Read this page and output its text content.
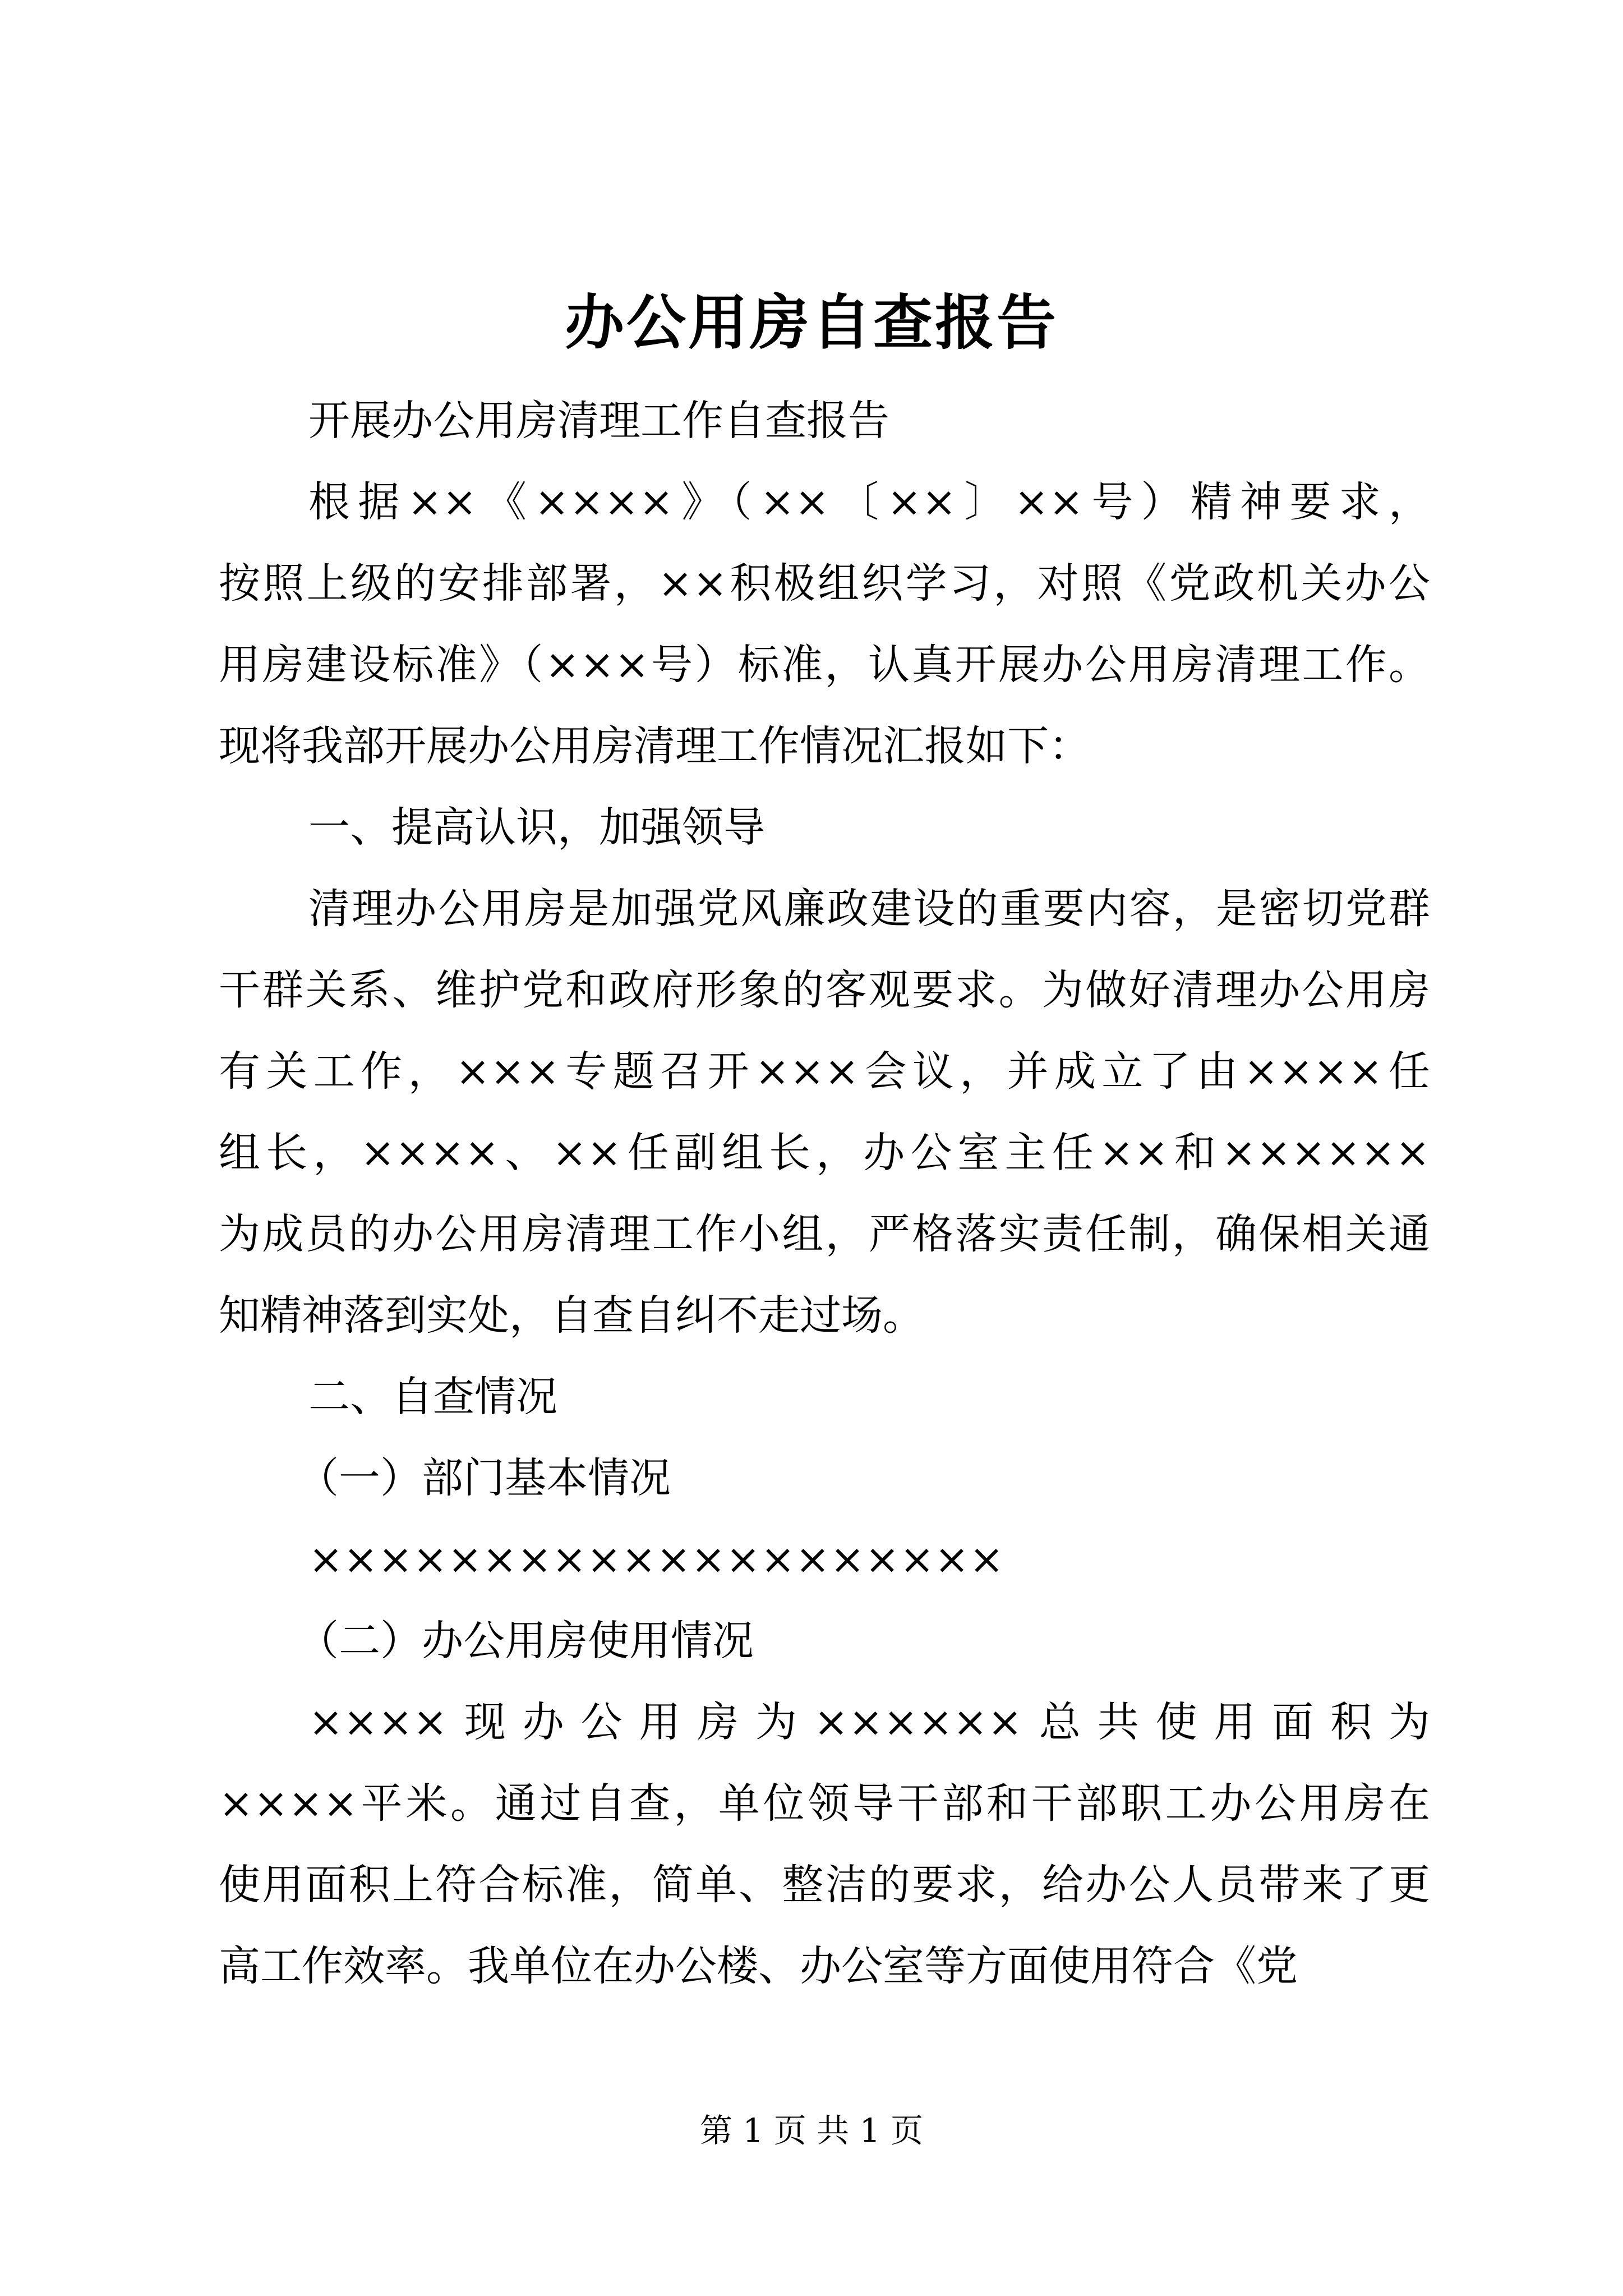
办公用房自查报告
开展办公用房清理工作自查报告
根据××《××××》（××〔××〕××号）精神要求，
按照上级的安排部署，××积极组织学习，对照《党政机关办公
用房建设标准》（×××号）标准，认真开展办公用房清理工作。
现将我部开展办公用房清理工作情况汇报如下：
一、提高认识，加强领导
清理办公用房是加强党风廉政建设的重要内容，是密切党群
干群关系、维护党和政府形象的客观要求。为做好清理办公用房
有关工作，×××专题召开×××会议，并成立了由××××任
组长，××××、××任副组长，办公室主任××和××××××
为成员的办公用房清理工作小组，严格落实责任制，确保相关通
知精神落到实处，自查自纠不走过场。
二、自查情况
（一）部门基本情况
××××××××××××××××××××
（二）办公用房使用情况
××××现办公用房为××××××总共使用面积为
××××平米。通过自查，单位领导干部和干部职工办公用房在
使用面积上符合标准，简单、整洁的要求，给办公人员带来了更
高工作效率。我单位在办公楼、办公室等方面使用符合《党
第 1 页 共 1 页
